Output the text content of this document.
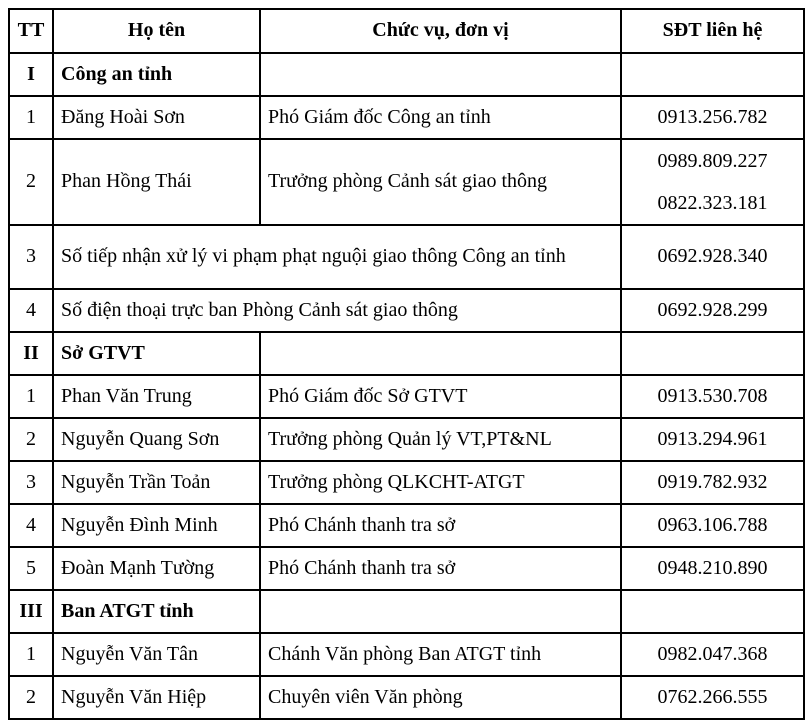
TT	Họ tên	Chức vụ, đơn vị	SĐT liên hệ
I	Công an tỉnh		
1	Đăng Hoài Sơn	Phó Giám đốc Công an tỉnh	0913.256.782
2	Phan Hồng Thái	Trưởng phòng Cảnh sát giao thông	0989.809.227
0822.323.181

3	Số tiếp nhận xử lý vi phạm phạt nguội giao thông Công an tỉnh		0692.928.340
4	Số điện thoại trực ban Phòng Cảnh sát giao thông		0692.928.299
II	Sở GTVT		
1	Phan Văn Trung	Phó Giám đốc Sở GTVT	0913.530.708
2	Nguyễn Quang Sơn	Trưởng phòng Quản lý VT,PT&NL	0913.294.961
3	Nguyễn Trần Toản	Trưởng phòng QLKCHT-ATGT	0919.782.932
4	Nguyễn Đình Minh	Phó Chánh thanh tra sở	0963.106.788
5	Đoàn Mạnh Tường	Phó Chánh thanh tra sở	0948.210.890
III	Ban ATGT tỉnh		
1	Nguyễn Văn Tân	Chánh Văn phòng Ban ATGT tỉnh	0982.047.368
2	Nguyễn Văn Hiệp	Chuyên viên Văn phòng	0762.266.555
